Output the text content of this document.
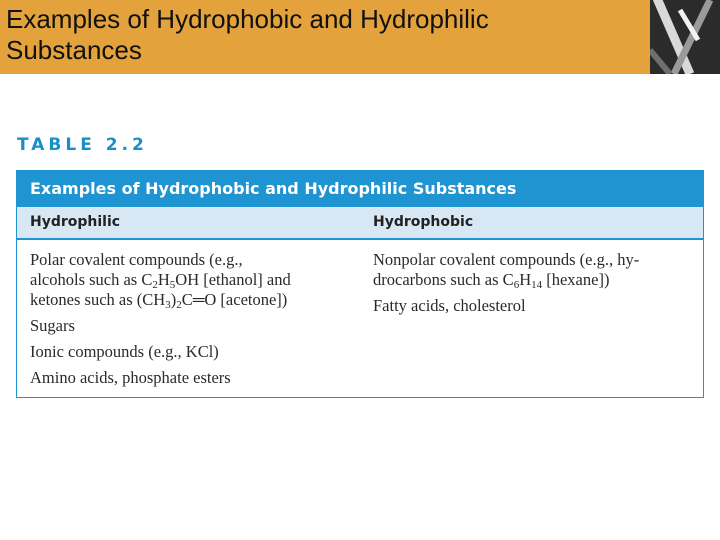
Examples of Hydrophobic and Hydrophilic
Substances
TABLE 2.2
Examples of Hydrophobic and Hydrophilic Substances
Hydrophilic	Hydrophobic
Polar covalent compounds (e.g.,
alcohols such as $C_2H_5OH$ [ethanol] and
ketones such as $(CH_3)_2C═O$ [acetone])
Sugars
Ionic compounds (e.g., KCl)
Amino acids, phosphate esters
Nonpolar covalent compounds (e.g., hy-
drocarbons such as $C_6H_{14}$ [hexane])
Fatty acids, cholesterol
